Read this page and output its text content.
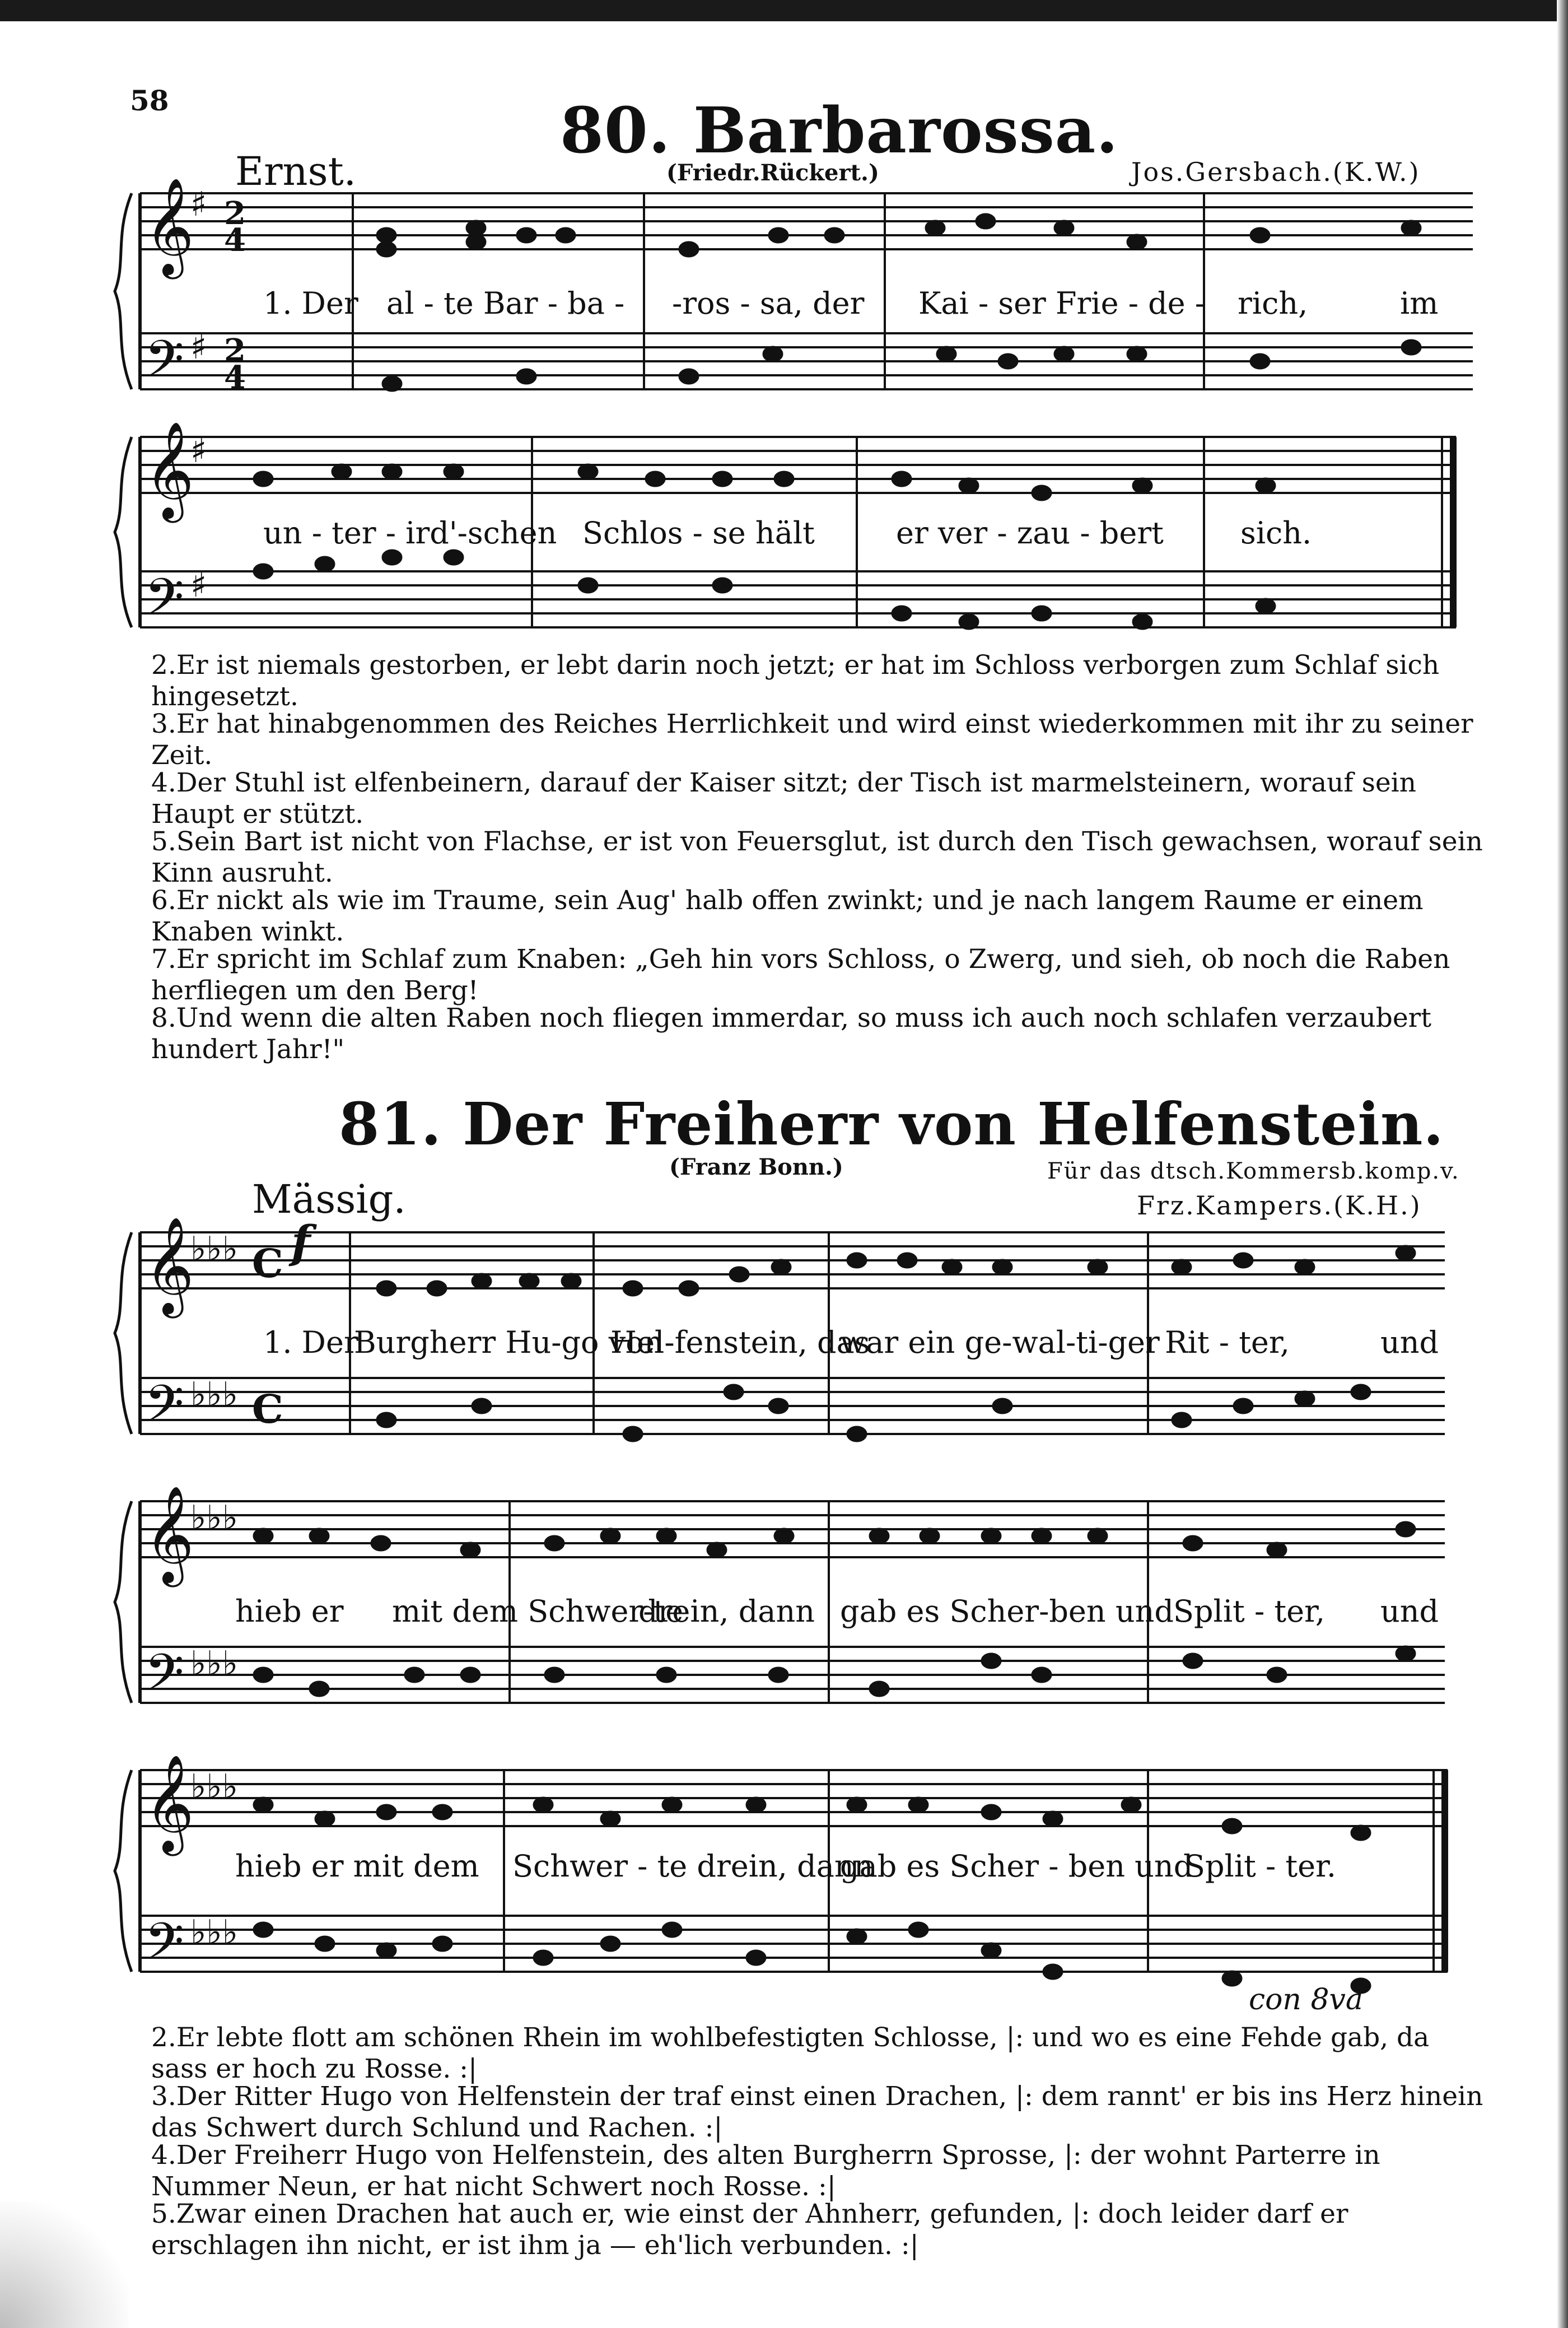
58	80. Barbarossa.
(Friedr.Rückert.)	Jos.Gersbach.(K.W.)
Ernst.
81. Der Freiherr von Helfenstein.
(Franz Bonn.)	Für das dtsch.Kommersb.komp.v.
Frz.Kampers.(K.H.)
Mässig.
f
𝄞
𝄢
𝄞
𝄢
𝄞
𝄢
𝄞
𝄢
𝄞
𝄢
♯ 2
4
♯ 2
4
♯
♯
♭♭♭ C
♭♭♭ C
♭♭♭
♭♭♭
♭♭♭
♭♭♭
1. Der al - te Bar - ba - -ros - sa, der Kai - ser Frie - de - rich,	im
un - ter - ird'-schen Schlos - se hält	er ver - zau - bert	sich.
2.Er ist niemals gestorben, er lebt darin noch jetzt; er hat im Schloss verborgen zum Schlaf sich hingesetzt.
3.Er hat hinabgenommen des Reiches Herrlichkeit und wird einst wiederkommen mit ihr zu seiner Zeit.
4.Der Stuhl ist elfenbeinern, darauf der Kaiser sitzt; der Tisch ist marmelsteinern, worauf sein Haupt er stützt.
5.Sein Bart ist nicht von Flachse, er ist von Feuersglut, ist durch den Tisch gewachsen, worauf sein Kinn ausruht.
6.Er nickt als wie im Traume, sein Aug' halb offen zwinkt; und je nach langem Raume er einem Knaben winkt.
7.Er spricht im Schlaf zum Knaben: „Geh hin vors Schloss, o Zwerg, und sieh, ob noch die Raben herfliegen um den Berg!
8.Und wenn die alten Raben noch fliegen immerdar, so muss ich auch noch schlafen verzaubert hundert Jahr!"
1. Der
Burgherr Hu-go von
Hel-fenstein, das
war ein ge-wal-ti-ger Rit - ter,	und
hieb er mit dem Schwer-te
drein, dann gab es Scher-ben und Split - ter, und
hieb er mit dem Schwer - te drein, dann
gab es Scher - ben und
Split - ter.
con 8va
2.Er lebte flott am schönen Rhein im wohlbefestigten Schlosse, |: und wo es eine Fehde gab, da sass er hoch zu Rosse. :|
3.Der Ritter Hugo von Helfenstein der traf einst einen Drachen, |: dem rannt' er bis ins Herz hinein das Schwert durch Schlund und Rachen. :|
4.Der Freiherr Hugo von Helfenstein, des alten Burgherrn Sprosse, |: der wohnt Parterre in Nummer Neun, er hat nicht Schwert noch Rosse. :|
5.Zwar einen Drachen hat auch er, wie einst der Ahnherr, gefunden, |: doch leider darf er erschlagen ihn nicht, er ist ihm ja — eh'lich verbunden. :|
